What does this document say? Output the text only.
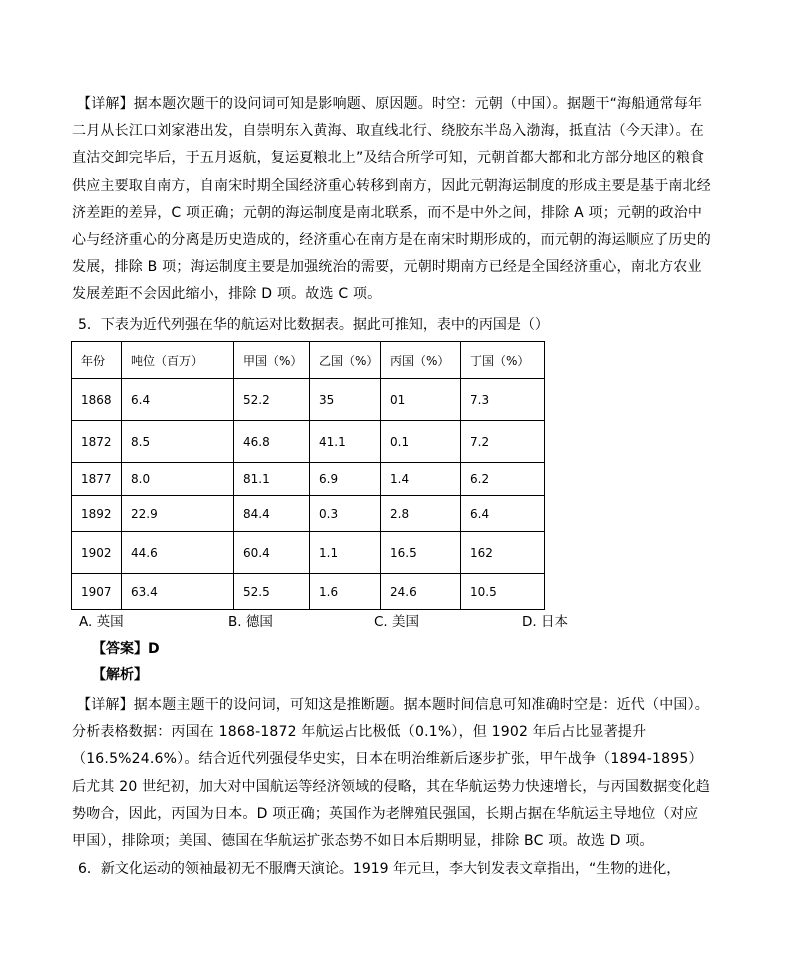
【详解】据本题次题干的设问词可知是影响题、原因题。时空：元朝（中国）。据题干“海船通常每年二月从长江口刘家港出发，自崇明东入黄海、取直线北行、绕胶东半岛入渤海，抵直沽（今天津）。在直沽交卸完毕后，于五月返航，复运夏粮北上”及结合所学可知，元朝首都大都和北方部分地区的粮食供应主要取自南方，自南宋时期全国经济重心转移到南方，因此元朝海运制度的形成主要是基于南北经济差距的差异，C 项正确；元朝的海运制度是南北联系，而不是中外之间，排除 A 项；元朝的政治中心与经济重心的分离是历史造成的，经济重心在南方是在南宋时期形成的，而元朝的海运顺应了历史的发展，排除 B 项；海运制度主要是加强统治的需要，元朝时期南方已经是全国经济重心，南北方农业发展差距不会因此缩小，排除 D 项。故选 C 项。
5．下表为近代列强在华的航运对比数据表。据此可推知，表中的丙国是（）
年份	吨位（百万）	甲国（%）	乙国（%）	丙国（%）	丁国（%）
1868	6.4	52.2	35	01	7.3
1872	8.5	46.8	41.1	0.1	7.2
1877	8.0	81.1	6.9	1.4	6.2
1892	22.9	84.4	0.3	2.8	6.4
1902	44.6	60.4	1.1	16.5	162
1907	63.4	52.5	1.6	24.6	10.5
A. 英国	B. 德国	C. 美国	D. 日本
【答案】D
【解析】
【详解】据本题主题干的设问词，可知这是推断题。据本题时间信息可知准确时空是：近代（中国）。分析表格数据：丙国在 1868-1872 年航运占比极低（0.1%），但 1902 年后占比显著提升（16.5%24.6%）。结合近代列强侵华史实，日本在明治维新后逐步扩张，甲午战争（1894-1895）后尤其 20 世纪初，加大对中国航运等经济领域的侵略，其在华航运势力快速增长，与丙国数据变化趋势吻合，因此，丙国为日本。D 项正确；英国作为老牌殖民强国，长期占据在华航运主导地位（对应甲国），排除项；美国、德国在华航运扩张态势不如日本后期明显，排除 BC 项。故选 D 项。
6．新文化运动的领袖最初无不服膺天演论。1919 年元旦，李大钊发表文章指出，“生物的进化，
